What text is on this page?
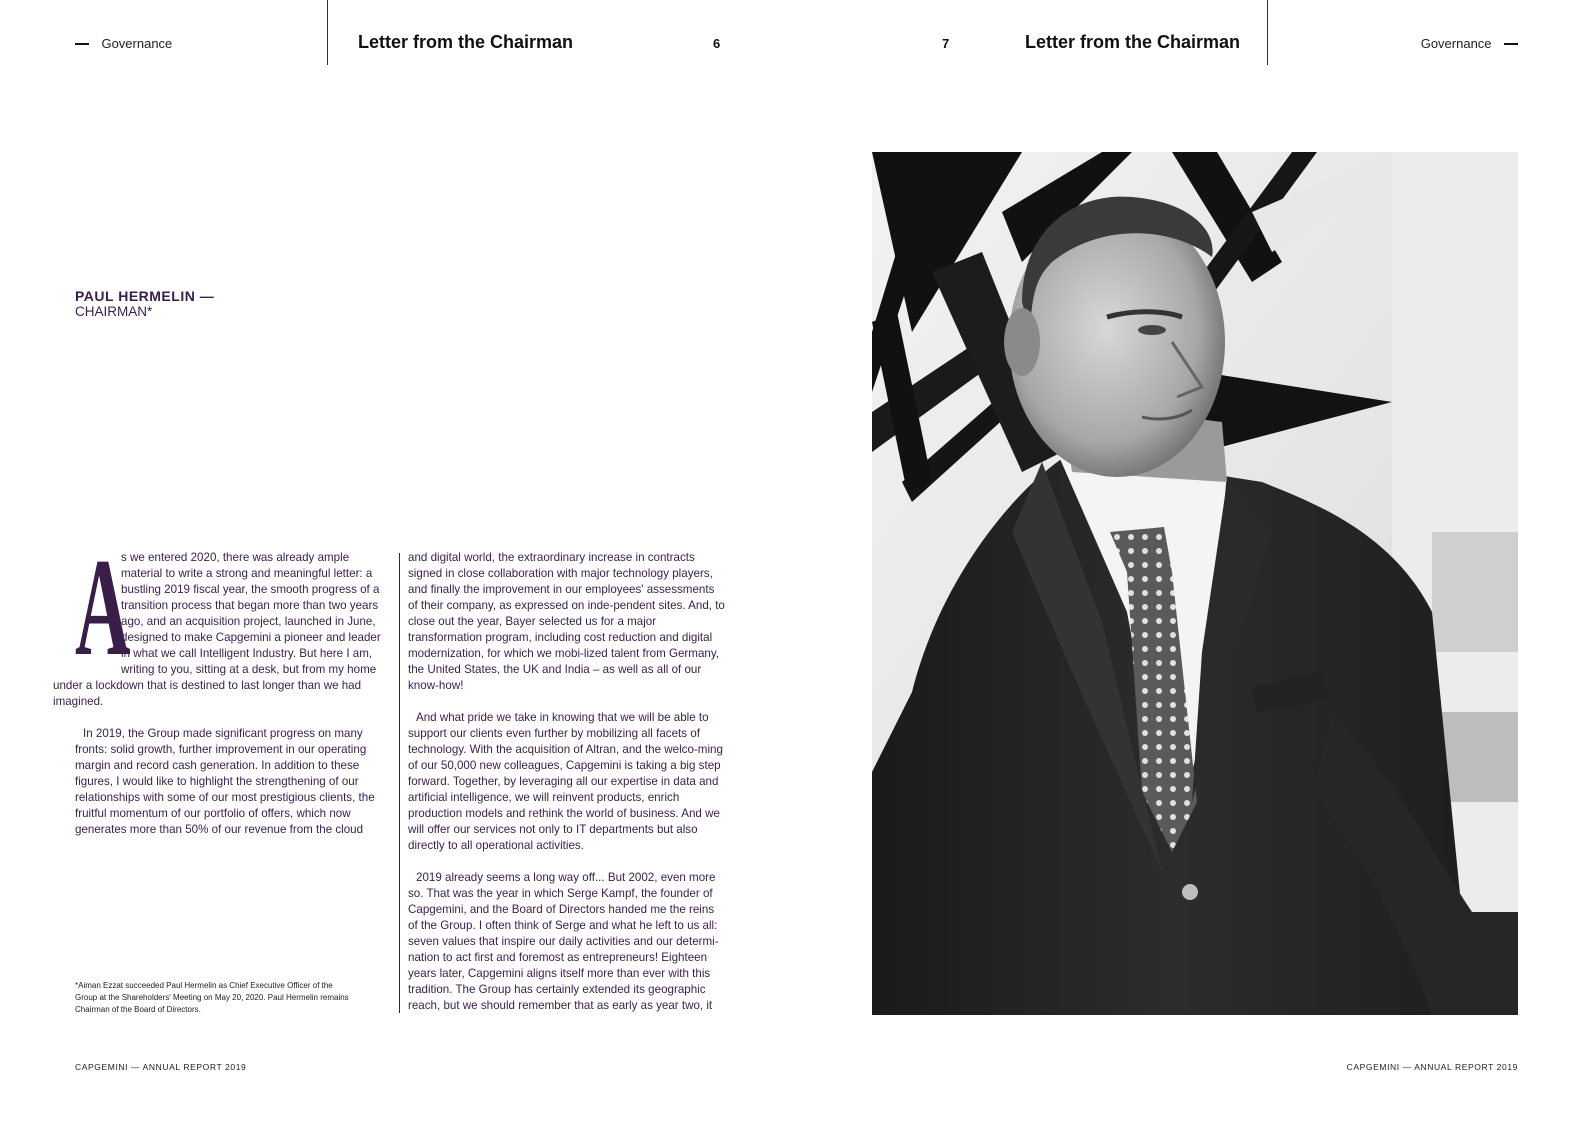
Governance	Letter from the Chairman	6	7	Letter from the Chairman	Governance
PAUL HERMELIN —
CHAIRMAN*
A

s we entered 2020, there was already ample material to write a strong and meaningful letter: a bustling 2019 fiscal year, the smooth progress of a transition process that began more than two years ago, and an acquisition project, launched in June, designed to make Capgemini a pioneer and leader in what we call Intelligent Industry. But here I am, writing to you, sitting at a desk, but from my home under a lockdown that is destined to last longer than we had imagined.

In 2019, the Group made significant progress on many fronts: solid growth, further improvement in our operating margin and record cash generation. In addition to these figures, I would like to highlight the strengthening of our relationships with some of our most prestigious clients, the fruitful momentum of our portfolio of offers, which now generates more than 50% of our revenue from the cloud

and digital world, the extraordinary increase in contracts signed in close collaboration with major technology players, and finally the improvement in our employees' assessments of their company, as expressed on inde-pendent sites. And, to close out the year, Bayer selected us for a major transformation program, including cost reduction and digital modernization, for which we mobi-lized talent from Germany, the United States, the UK and India – as well as all of our know-how!

And what pride we take in knowing that we will be able to support our clients even further by mobilizing all facets of technology. With the acquisition of Altran, and the welco-ming of our 50,000 new colleagues, Capgemini is taking a big step forward. Together, by leveraging all our expertise in data and artificial intelligence, we will reinvent products, enrich production models and rethink the world of business. And we will offer our services not only to IT departments but also directly to all operational activities.

2019 already seems a long way off... But 2002, even more so. That was the year in which Serge Kampf, the founder of Capgemini, and the Board of Directors handed me the reins of the Group. I often think of Serge and what he left to us all: seven values that inspire our daily activities and our determi-nation to act first and foremost as entrepreneurs! Eighteen years later, Capgemini aligns itself more than ever with this tradition. The Group has certainly extended its geographic reach, but we should remember that as early as year two, it

*Aiman Ezzat succeeded Paul Hermelin as Chief Executive Officer of the Group at the Shareholders' Meeting on May 20, 2020. Paul Hermelin remains Chairman of the Board of Directors.
CAPGEMINI — ANNUAL REPORT 2019	CAPGEMINI — ANNUAL REPORT 2019
